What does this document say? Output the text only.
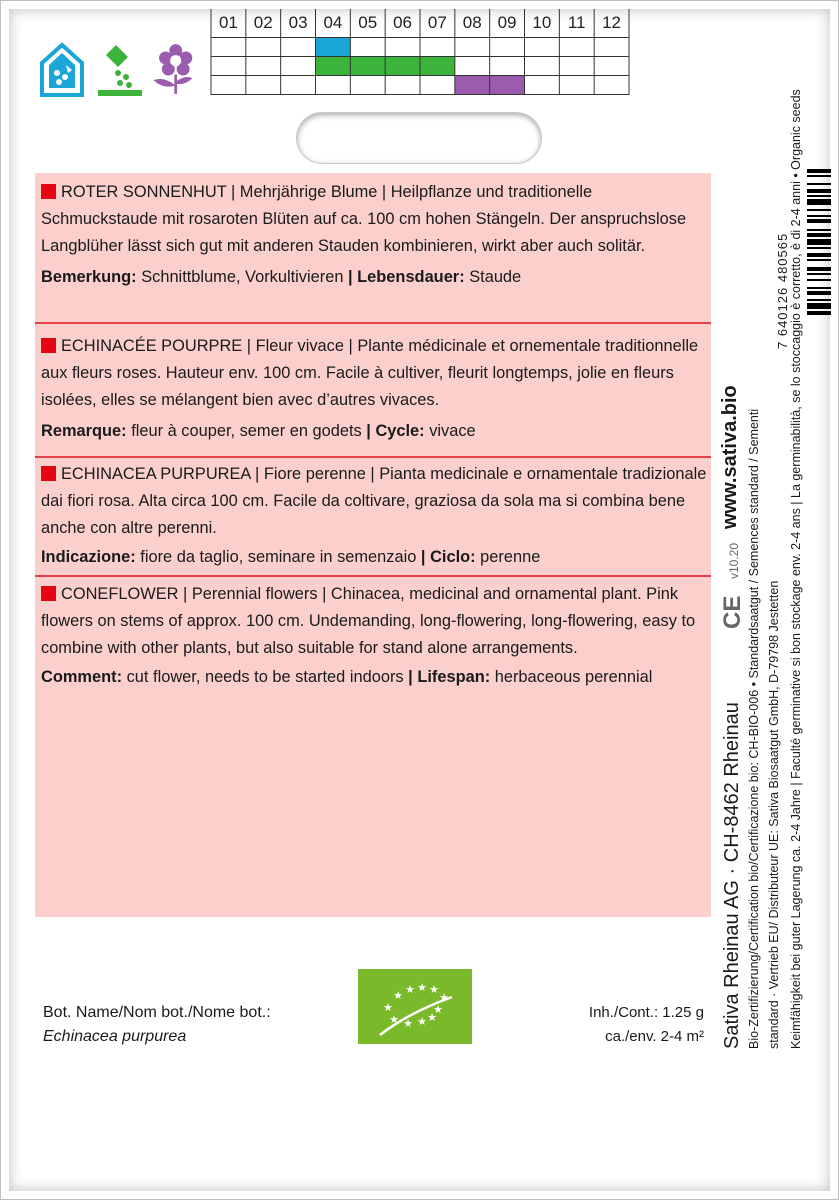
01 02 03 04 05 06 07 08 09 10 11 12
ROTER SONNENHUT | Mehrjährige Blume | Heilpflanze und traditionelle Schmuckstaude mit rosaroten Blüten auf ca. 100 cm hohen Stängeln. Der anspruchslose Langblüher lässt sich gut mit anderen Stauden kombinieren, wirkt aber auch solitär.
Bemerkung: Schnittblume, Vorkultivieren | Lebensdauer: Staude
ECHINACÉE POURPRE | Fleur vivace | Plante médicinale et ornementale traditionnelle aux fleurs roses. Hauteur env. 100 cm. Facile à cultiver, fleurit longtemps, jolie en fleurs isolées, elles se mélangent bien avec d’autres vivaces.
Remarque: fleur à couper, semer en godets | Cycle: vivace
ECHINACEA PURPUREA | Fiore perenne | Pianta medicinale e ornamentale tradizionale dai fiori rosa. Alta circa 100 cm. Facile da coltivare, graziosa da sola ma si combina bene anche con altre perenni.
Indicazione: fiore da taglio, seminare in semenzaio | Ciclo: perenne
CONEFLOWER | Perennial flowers | Chinacea, medicinal and ornamental plant. Pink flowers on stems of approx. 100 cm. Undemanding, long-flowering, long-flowering, easy to combine with other plants, but also suitable for stand alone arrangements.
Comment: cut flower, needs to be started indoors | Lifespan: herbaceous perennial
Bot. Name/Nom bot./Nome bot.:
Echinacea purpurea
★ ★ ★ ★
★
★	★
★ ★ ★ ★	Inh./Cont.: 1.25 g
ca./env. 2-4 m²
www.sativa.bio
v10.20
CE
Sativa Rheinau AG · CH-8462 Rheinau Bio-Zertifizierung/Certification bio/Certificazione bio: CH-BIO-006 • Standardsaatgut / Semences standard / Sementi standard · Vertrieb EU/ Distributeur UE: Sativa Biosaatgut GmbH, D-79798 Jestetten Keimfähigkeit bei guter Lagerung ca. 2-4 Jahre | Faculté germinative si bon stockage env. 2-4 ans | La germinabilità, se lo stoccaggio è corretto, è di 2-4 anni • Organic seeds
7 640126 480565
